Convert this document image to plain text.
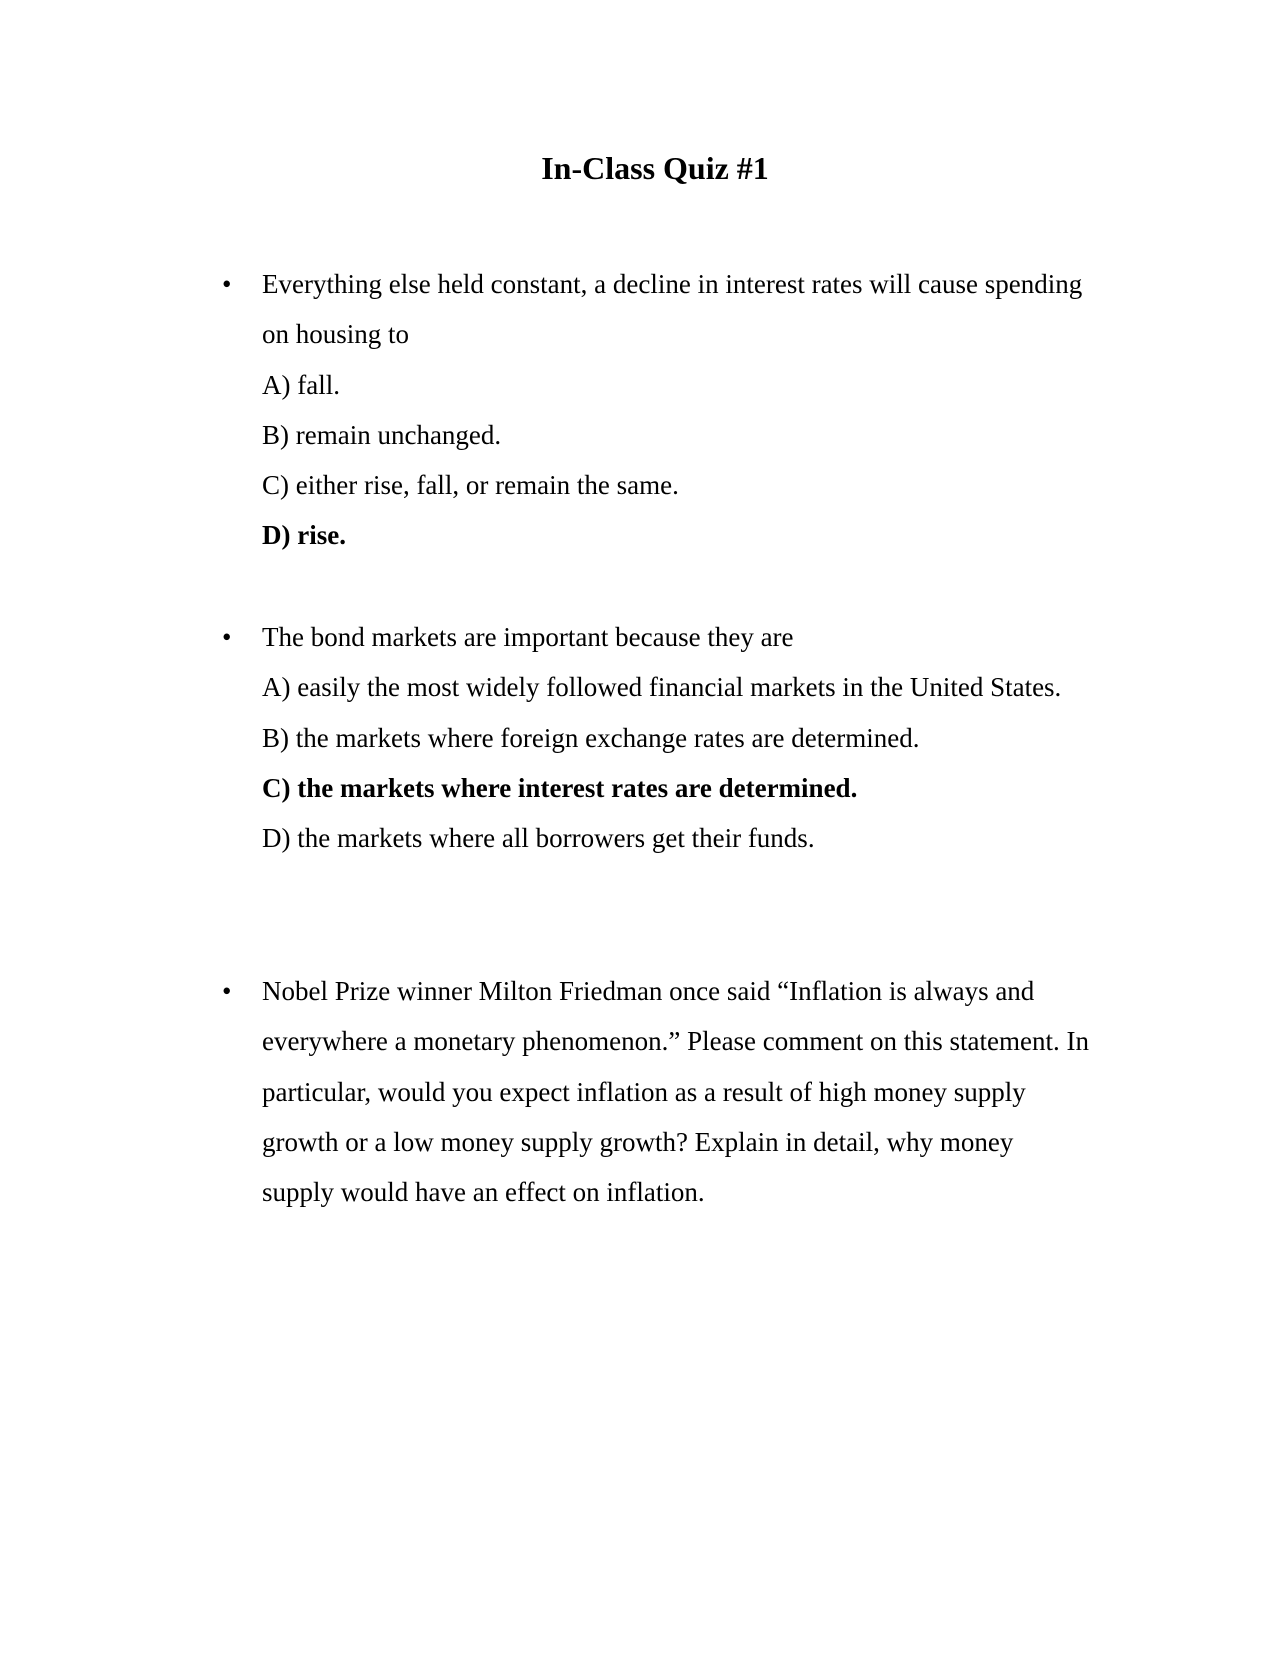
In-Class Quiz #1
• Everything else held constant, a decline in interest rates will cause spending on housing to

A) fall.

B) remain unchanged.

C) either rise, fall, or remain the same.

D) rise.

• The bond markets are important because they are

A) easily the most widely followed financial markets in the United States.

B) the markets where foreign exchange rates are determined.

C) the markets where interest rates are determined.

D) the markets where all borrowers get their funds.

• Nobel Prize winner Milton Friedman once said “Inflation is always and everywhere a monetary phenomenon.” Please comment on this statement. In particular, would you expect inflation as a result of high money supply growth or a low money supply growth? Explain in detail, why money supply would have an effect on inflation.
